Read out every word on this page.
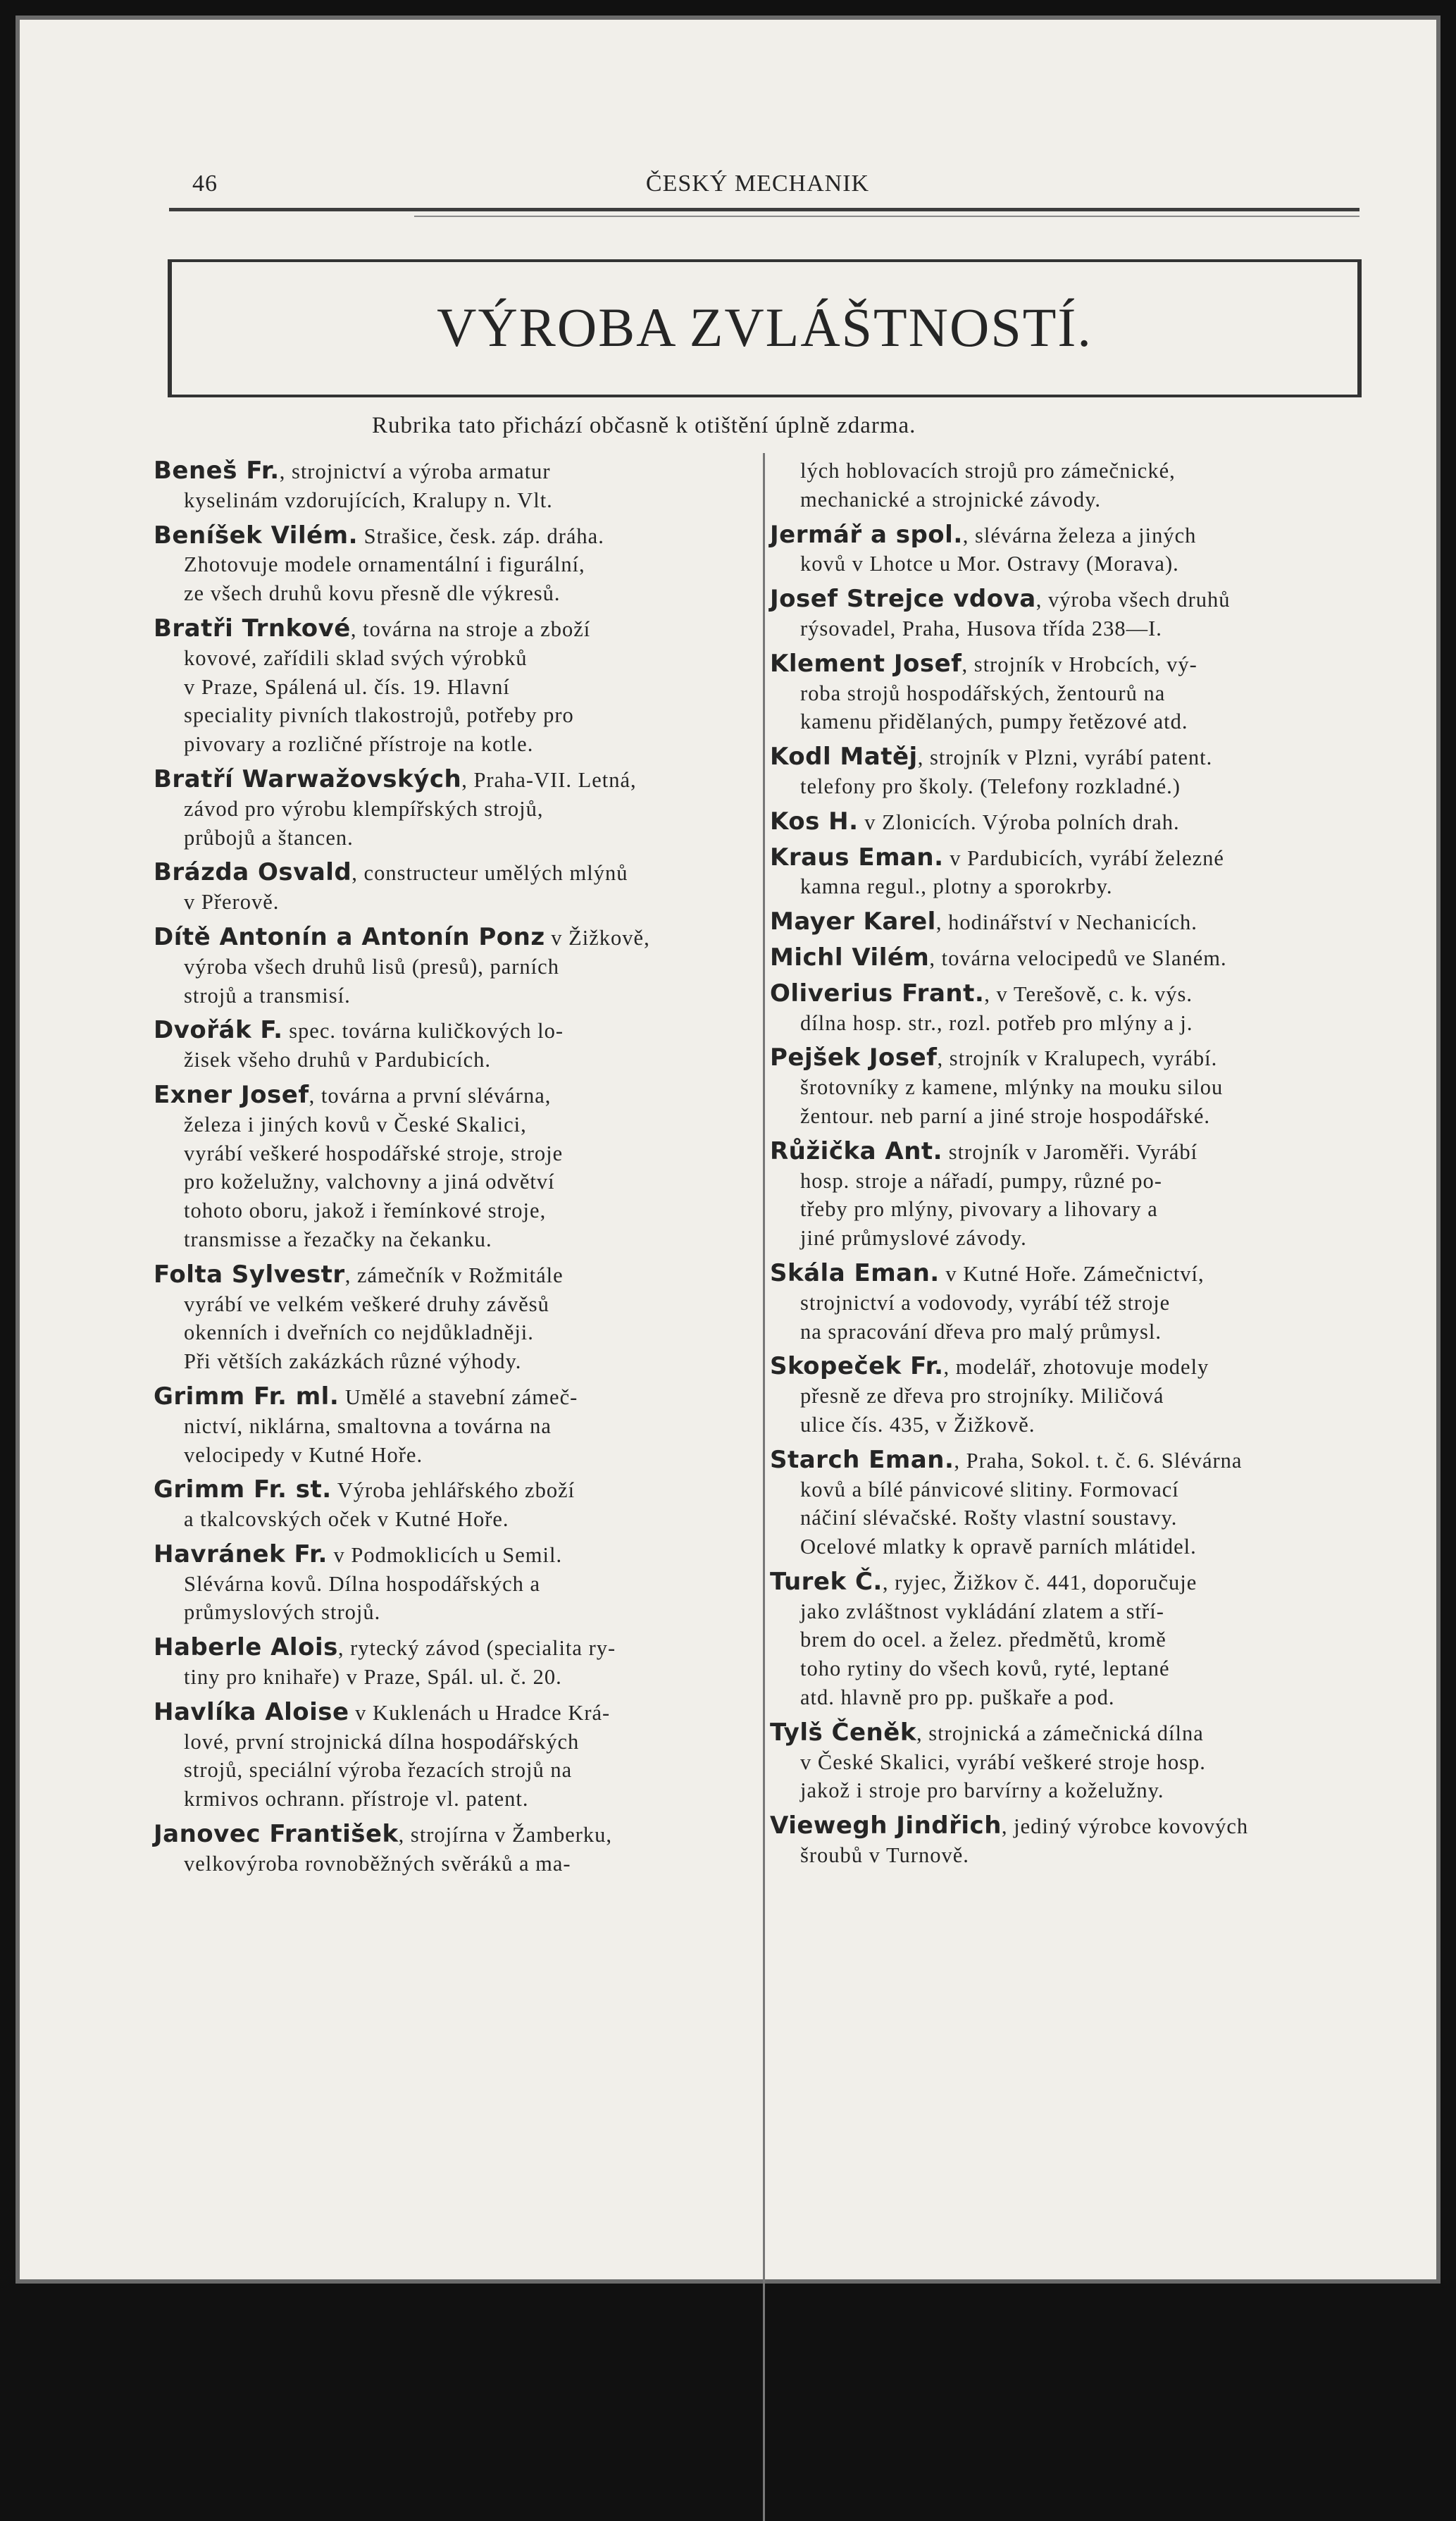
46	ČESKÝ MECHANIK
VÝROBA ZVLÁŠTNOSTÍ.
Rubrika tato přichází občasně k otištění úplně zdarma.
Beneš Fr., strojnictví a výroba armatur
kyselinám vzdorujících, Kralupy n. Vlt.
Beníšek Vilém. Strašice, česk. záp. dráha.
Zhotovuje modele ornamentální i figurální,
ze všech druhů kovu přesně dle výkresů.
Bratři Trnkové, továrna na stroje a zboží
kovové, zařídili sklad svých výrobků
v Praze, Spálená ul. čís. 19. Hlavní
speciality pivních tlakostrojů, potřeby pro
pivovary a rozličné přístroje na kotle.
Bratří Warwažovských, Praha-VII. Letná,
závod pro výrobu klempířských strojů,
průbojů a štancen.
Brázda Osvald, constructeur umělých mlýnů
v Přerově.
Dítě Antonín a Antonín Ponz v Žižkově,
výroba všech druhů lisů (presů), parních
strojů a transmisí.
Dvořák F. spec. továrna kuličkových lo-
žisek všeho druhů v Pardubicích.
Exner Josef, továrna a první slévárna,
železa i jiných kovů v České Skalici,
vyrábí veškeré hospodářské stroje, stroje
pro koželužny, valchovny a jiná odvětví
tohoto oboru, jakož i řemínkové stroje,
transmisse a řezačky na čekanku.
Folta Sylvestr, zámečník v Rožmitále
vyrábí ve velkém veškeré druhy závěsů
okenních i dveřních co nejdůkladněji.
Při větších zakázkách různé výhody.
Grimm Fr. ml. Umělé a stavební zámeč-
nictví, niklárna, smaltovna a továrna na
velocipedy v Kutné Hoře.
Grimm Fr. st. Výroba jehlářského zboží
a tkalcovských oček v Kutné Hoře.
Havránek Fr. v Podmoklicích u Semil.
Slévárna kovů. Dílna hospodářských a
průmyslových strojů.
Haberle Alois, rytecký závod (specialita ry-
tiny pro knihaře) v Praze, Spál. ul. č. 20.
Havlíka Aloise v Kuklenách u Hradce Krá-
lové, první strojnická dílna hospodářských
strojů, speciální výroba řezacích strojů na
krmivos ochrann. přístroje vl. patent.
Janovec František, strojírna v Žamberku,
velkovýroba rovnoběžných svěráků a ma-
lých hoblovacích strojů pro zámečnické,
mechanické a strojnické závody.
Jermář a spol., slévárna železa a jiných
kovů v Lhotce u Mor. Ostravy (Morava).
Josef Strejce vdova, výroba všech druhů
rýsovadel, Praha, Husova třída 238—I.
Klement Josef, strojník v Hrobcích, vý-
roba strojů hospodářských, žentourů na
kamenu přidělaných, pumpy řetězové atd.
Kodl Matěj, strojník v Plzni, vyrábí patent.
telefony pro školy. (Telefony rozkladné.)
Kos H. v Zlonicích. Výroba polních drah.
Kraus Eman. v Pardubicích, vyrábí železné
kamna regul., plotny a sporokrby.
Mayer Karel, hodinářství v Nechanicích.
Michl Vilém, továrna velocipedů ve Slaném.
Oliverius Frant., v Terešově, c. k. výs.
dílna hosp. str., rozl. potřeb pro mlýny a j.
Pejšek Josef, strojník v Kralupech, vyrábí.
šrotovníky z kamene, mlýnky na mouku silou
žentour. neb parní a jiné stroje hospodářské.
Růžička Ant. strojník v Jaroměři. Vyrábí
hosp. stroje a nářadí, pumpy, různé po-
třeby pro mlýny, pivovary a lihovary a
jiné průmyslové závody.
Skála Eman. v Kutné Hoře. Zámečnictví,
strojnictví a vodovody, vyrábí též stroje
na spracování dřeva pro malý průmysl.
Skopeček Fr., modelář, zhotovuje modely
přesně ze dřeva pro strojníky. Miličová
ulice čís. 435, v Žižkově.
Starch Eman., Praha, Sokol. t. č. 6. Slévárna
kovů a bílé pánvicové slitiny. Formovací
náčiní slévačské. Rošty vlastní soustavy.
Ocelové mlatky k opravě parních mlátidel.
Turek Č., ryjec, Žižkov č. 441, doporučuje
jako zvláštnost vykládání zlatem a stří-
brem do ocel. a želez. předmětů, kromě
toho rytiny do všech kovů, ryté, leptané
atd. hlavně pro pp. puškaře a pod.
Tylš Čeněk, strojnická a zámečnická dílna
v České Skalici, vyrábí veškeré stroje hosp.
jakož i stroje pro barvírny a koželužny.
Viewegh Jindřich, jediný výrobce kovových
šroubů v Turnově.
